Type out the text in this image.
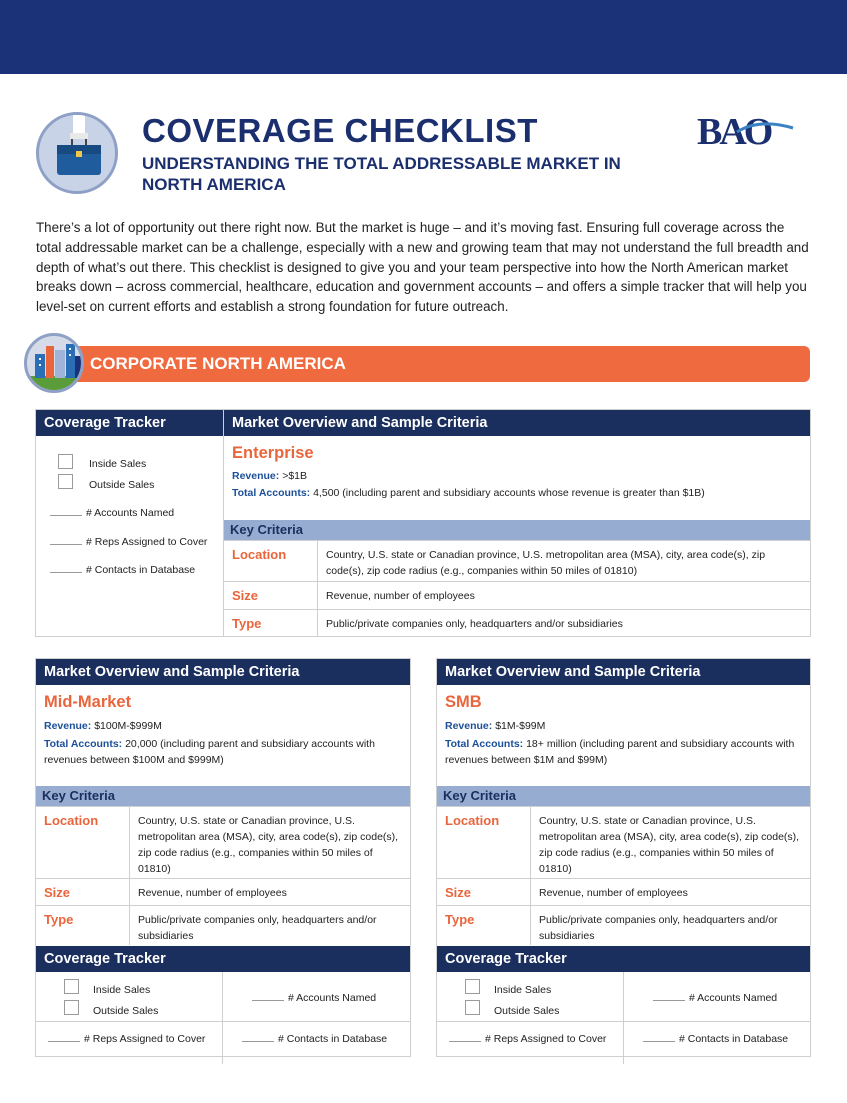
COVERAGE CHECKLIST
UNDERSTANDING THE TOTAL ADDRESSABLE MARKET IN NORTH AMERICA
BAO

There’s a lot of opportunity out there right now. But the market is huge – and it’s moving fast. Ensuring full coverage across the total addressable market can be a challenge, especially with a new and growing team that may not understand the full breadth and depth of what’s out there. This checklist is designed to give you and your team perspective into how the North American market breaks down – across commercial, healthcare, education and government accounts – and offers a simple tracker that will help you level-set on current efforts and establish a strong foundation for future outreach.

CORPORATE NORTH AMERICA
Coverage Tracker
Inside Sales
Outside Sales
# Accounts Named
# Reps Assigned to Cover
# Contacts in Database
Market Overview and Sample Criteria
Enterprise
Revenue: >$1B
Total Accounts: 4,500 (including parent and subsidiary accounts whose revenue is greater than $1B)
Key Criteria
Location	Country, U.S. state or Canadian province, U.S. metropolitan area (MSA), city, area code(s), zip code(s), zip code radius (e.g., companies within 50 miles of 01810)
Size	Revenue, number of employees
Type	Public/private companies only, headquarters and/or subsidiaries
Market Overview and Sample Criteria
Mid-Market
Revenue: $100M-$999M
Total Accounts: 20,000 (including parent and subsidiary accounts with revenues between $100M and $999M)
Key Criteria
Location	Country, U.S. state or Canadian province, U.S. metropolitan area (MSA), city, area code(s), zip code(s), zip code radius (e.g., companies within 50 miles of 01810)
Size	Revenue, number of employees
Type	Public/private companies only, headquarters and/or subsidiaries
Coverage Tracker
Inside Sales
Outside Sales
# Accounts Named
# Reps Assigned to Cover	# Contacts in Database
Market Overview and Sample Criteria
SMB
Revenue: $1M-$99M
Total Accounts: 18+ million (including parent and subsidiary accounts with revenues between $1M and $99M)
Key Criteria
Location	Country, U.S. state or Canadian province, U.S. metropolitan area (MSA), city, area code(s), zip code(s), zip code radius (e.g., companies within 50 miles of 01810)
Size	Revenue, number of employees
Type	Public/private companies only, headquarters and/or subsidiaries
Coverage Tracker
Inside Sales
Outside Sales
# Accounts Named
# Reps Assigned to Cover	# Contacts in Database
